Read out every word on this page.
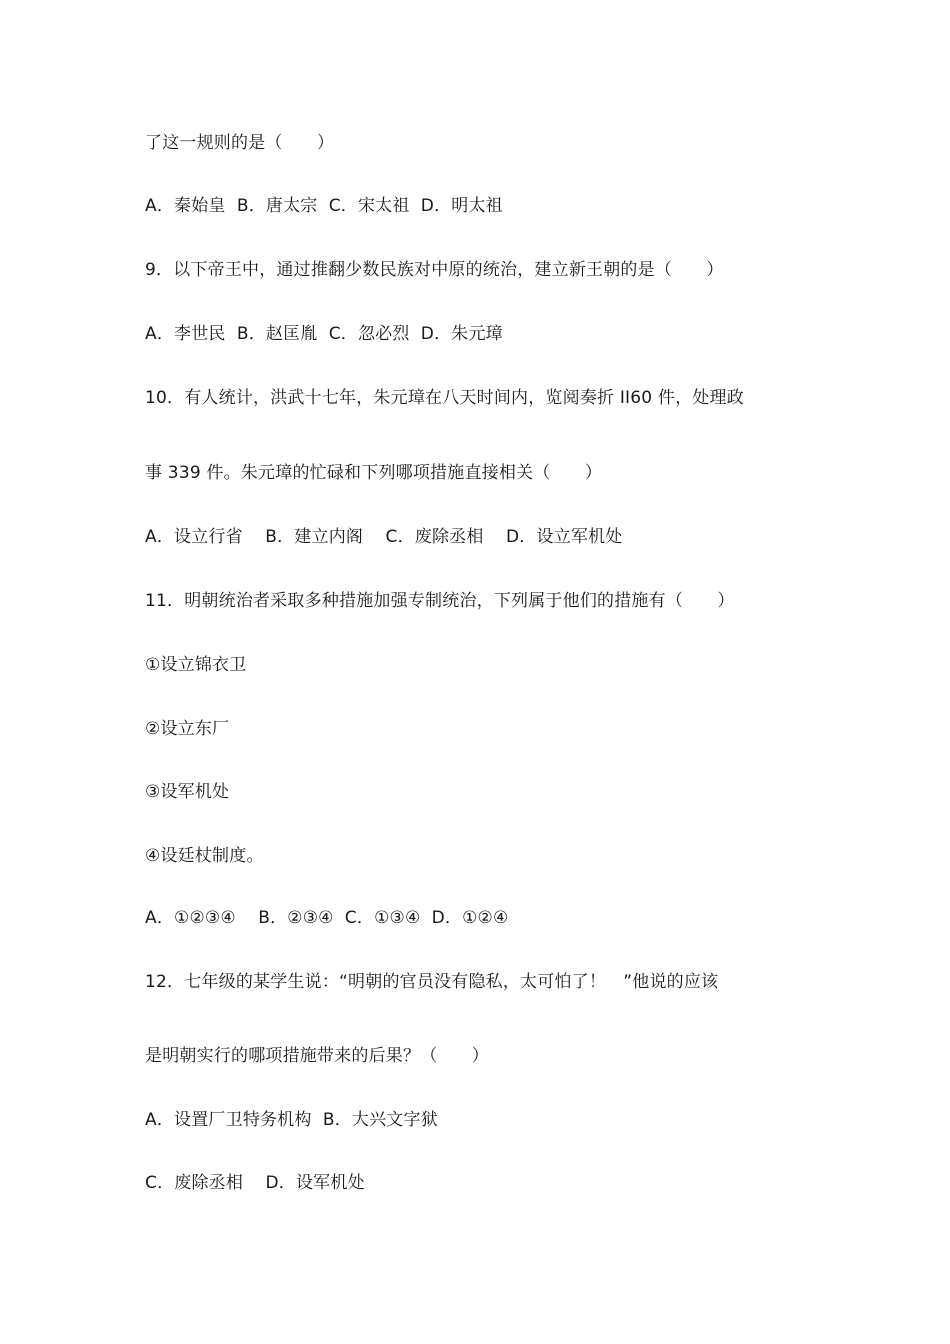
了这一规则的是（　　）
A．秦始皇  B．唐太宗  C．宋太祖  D．明太祖
9．以下帝王中，通过推翻少数民族对中原的统治，建立新王朝的是（　　）
A．李世民  B．赵匡胤  C．忽必烈  D．朱元璋
10．有人统计，洪武十七年，朱元璋在八天时间内，览阅奏折 II60 件，处理政
事 339 件。朱元璋的忙碌和下列哪项措施直接相关（　　）
A．设立行省    B．建立内阁    C．废除丞相    D．设立军机处
11．明朝统治者采取多种措施加强专制统治，下列属于他们的措施有（　　）
①设立锦衣卫
②设立东厂
③设军机处
④设廷杖制度。
A．①②③④    B．②③④  C．①③④  D．①②④
12．七年级的某学生说：“明朝的官员没有隐私，太可怕了！　”他说的应该
是明朝实行的哪项措施带来的后果？（　　）
A．设置厂卫特务机构  B．大兴文字狱
C．废除丞相    D．设军机处
